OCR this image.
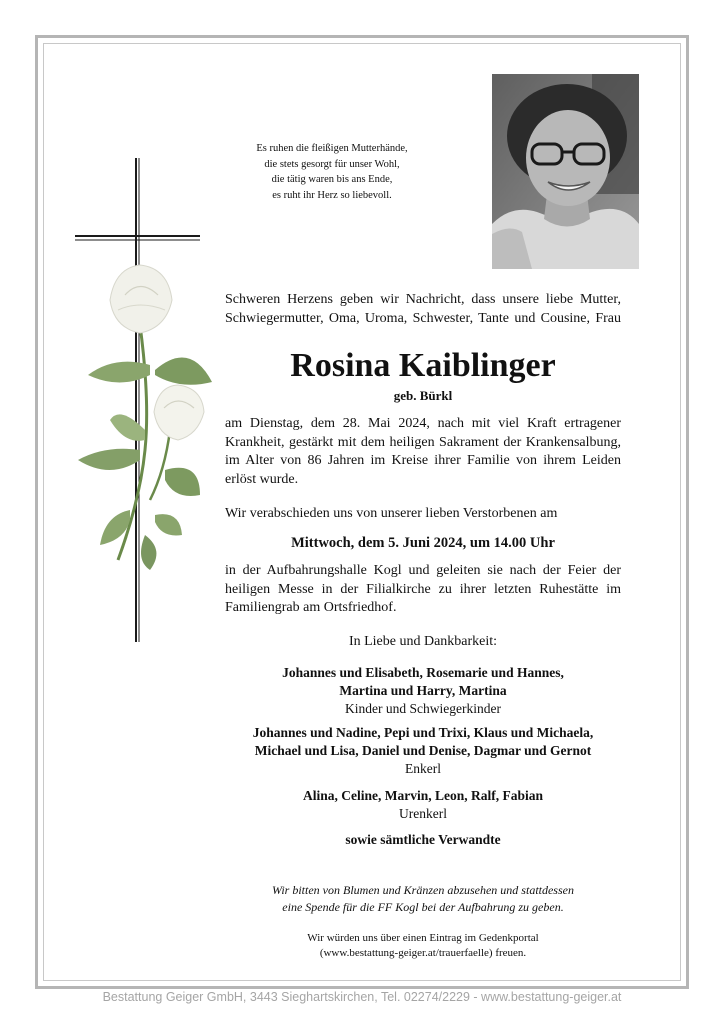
Es ruhen die fleißigen Mutterhände,
die stets gesorgt für unser Wohl,
die tätig waren bis ans Ende,
es ruht ihr Herz so liebevoll.
Schweren Herzens geben wir Nachricht, dass unsere liebe Mutter,
Schwiegermutter, Oma, Uroma, Schwester, Tante und Cousine, Frau
Rosina Kaiblinger
geb. Bürkl
am Dienstag, dem 28. Mai 2024, nach mit viel Kraft ertragener
Krankheit, gestärkt mit dem heiligen Sakrament der Krankensalbung,
im Alter von 86 Jahren im Kreise ihrer Familie von ihrem Leiden
erlöst wurde.
Wir verabschieden uns von unserer lieben Verstorbenen am
Mittwoch, dem 5. Juni 2024, um 14.00 Uhr
in der Aufbahrungshalle Kogl und geleiten sie nach der Feier der
heiligen Messe in der Filialkirche zu ihrer letzten Ruhestätte im
Familiengrab am Ortsfriedhof.
In Liebe und Dankbarkeit:
Johannes und Elisabeth, Rosemarie und Hannes,
Martina und Harry, Martina
Kinder und Schwiegerkinder
Johannes und Nadine, Pepi und Trixi, Klaus und Michaela,
Michael und Lisa, Daniel und Denise, Dagmar und Gernot
Enkerl
Alina, Celine, Marvin, Leon, Ralf, Fabian
Urenkerl
sowie sämtliche Verwandte
Wir bitten von Blumen und Kränzen abzusehen und stattdessen
eine Spende für die FF Kogl bei der Aufbahrung zu geben.
Wir würden uns über einen Eintrag im Gedenkportal
(www.bestattung-geiger.at/trauerfaelle) freuen.
Bestattung Geiger GmbH, 3443 Sieghartskirchen, Tel. 02274/2229 - www.bestattung-geiger.at
